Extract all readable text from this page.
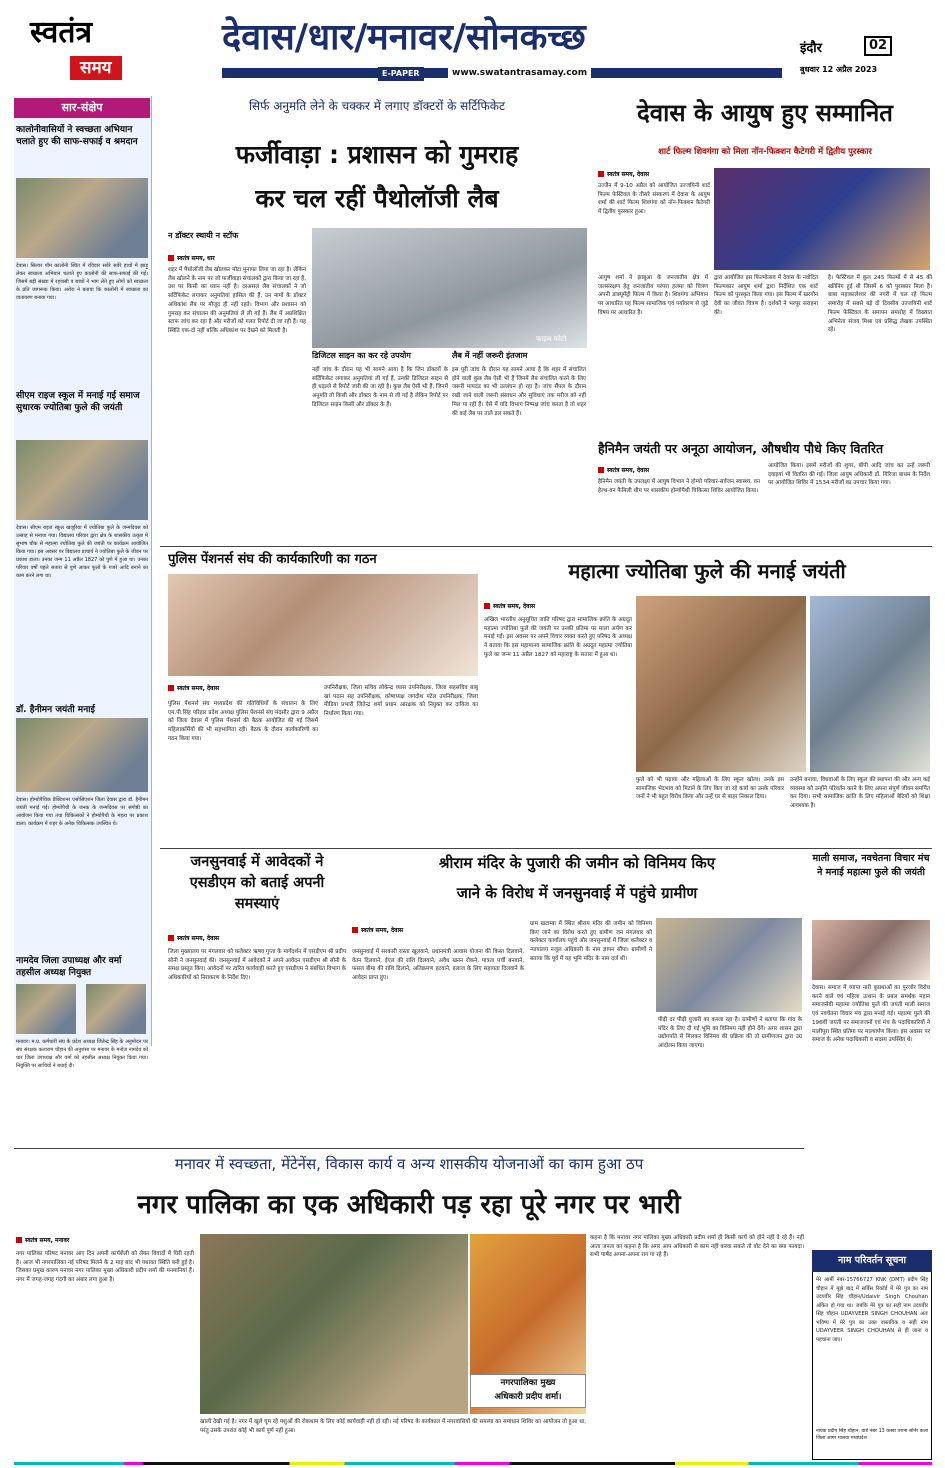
स्वतंत्र
समय
देवास/धार/मनावर/सोनकच्छ
E-PAPER	www.swatantrasamay.com
इंदौर	02
बुधवार 12 अप्रैल 2023
सार-संक्षेप
कालोनीवासियों ने स्वच्छता अभियान चलाते हुए की साफ-सफाई व श्रमदान
देवास। सिल्वर पॉम कालोनी स्थित में रविवार सवेरे सवेरे हाथों में झाड़ू लेकर स्वच्छता अभियान चलाते हुए कालोनी की साफ-सफाई की गई। जिसमें बड़ी संख्या में रहवासी व बच्चों ने भाग लेते हुए लोगों को स्वच्छता के प्रति जागरूक किया। अरोरा ने बताया कि कालोनी में स्वच्छता का वातावरण बनाया गया।
सीएम राइज स्कूल में मनाई गई समाज सुधारक ज्योतिबा फुले की जयंती
देवास। सीएम राइज स्कूल खजूरिया में ज्योतिबा फुले के जन्मदिवस को उत्साह से मनाया गया। विद्यालय परिवार द्वारा क्षेत्र के शासकीय उत्कृष्ट में सुभाष चौक से महात्मा ज्योतिबा फुले की जयंती पर कार्यक्रम आयोजित किया गया। इस अवसर पर विद्यालय प्राचार्य ने ज्योतिबा फुले के जीवन पर प्रकाश डाला। उनका जन्म 11 अप्रैल 1827 को पुणे में हुआ था। उनका परिवार वर्षों पहले सतारा से पुणे आकर फूलों के गजरे आदि बनाने का काम करने लगा था।
डॉ. हैनीमन जयंती मनाई
देवास। होम्योपैथिक प्रैक्टिशनर एसोसिएशन जिला देवास द्वारा डॉ. हैनीमन जयंती मनाई गई। होम्योपैथी के जनक के जन्मदिवस पर संगोष्ठी का आयोजन किया गया तथा चिकित्सकों ने होम्योपैथी के महत्व पर प्रकाश डाला। कार्यक्रम में शहर के अनेक चिकित्सक उपस्थित थे।
नामदेव जिला उपाध्यक्ष और वर्मा तहसील अध्यक्ष नियुक्त
मनावर। म.प्र. कर्मचारी संघ के प्रदेश अध्यक्ष जितेन्द्र सिंह के अनुमोदन पर संघ संरक्षक कलाराम चौहान की अनुशंसा पर मनावर के मनोज नामदेव को धार जिला उपाध्यक्ष और वर्मा को तहसील अध्यक्ष नियुक्त किया गया। नियुक्ति पर साथियों ने बधाई दी।
सिर्फ अनुमति लेने के चक्कर में लगाए डॉक्टरों के सर्टिफिकेट
फर्जीवाड़ा : प्रशासन को गुमराह
कर चल रहीं पैथोलॉजी लैब
न डॉक्टर स्थायी न स्टॉफ
स्वतंत्र समय, धार
फाइल फोटो
शहर में पैथोलॉजी लैब खोलकर मोटा मुनाफा लिया जा रहा है। लेकिन लैब खोलने के नाम पर जो फर्जीवाड़ा संचालकों द्वारा किया जा रहा है, उस पर किसी का ध्यान नहीं है। दरअसल लैब संचालकों ने जो सर्टिफिकेट लगाकर अनुमतियां हासिल की हैं, उन नामों के डॉक्टर अधिकांश लैब पर मौजूद ही नहीं रहते। विभाग और प्रशासन को गुमराह कर संचालन की अनुमतियां ले ली गई हैं। लैब में अप्रशिक्षित स्टाफ जांच कर रहा है और मरीजों को गलत रिपोर्ट दी जा रही हैं। यह स्थिति एक-दो नहीं बल्कि अधिकांश पर देखने को मिलती है।
डिजिटल साइन का कर रहे उपयोग
नहीं जांच के दौरान यह भी सामने आया है कि जिन डॉक्टरों के सर्टिफिकेट लगाकर अनुमतियां ली गई हैं, उनकी डिजिटल साइन से ही धड़ल्ले से रिपोर्ट जारी की जा रही है। कुछ लैब ऐसी भी हैं, जिनमें अनुमति तो किसी और डॉक्टर के नाम से ली गई है लेकिन रिपोर्ट पर डिजिटल साइन किसी और डॉक्टर के हैं।
लैब में नहीं जरूरी इंतजाम
इस पूरी जांच के दौरान यह सामने आया है कि शहर में संचालित होने वाली कुछ लैब ऐसी भी हैं जिनमें लैब संचालित करने के लिए जरूरी मापदंड का भी उल्लंघन हो रहा है। जांच सैंपल के दौरान रखी जाने वाली जरूरी संसाधन और सुविधाएं तक मरीज को नहीं मिल पा रही हैं। ऐसे में यदि विभाग निष्पक्ष जांच करता है तो शहर की कई लैब पर ताले डल सकते हैं।
देवास के आयुष हुए सम्मानित
शार्ट फिल्म शिवगंगा को मिला नॉन-फिक्शन कैटेगरी में द्वितीय पुरस्कार
स्वतंत्र समय, देवास
उज्जैन में 9-10 अप्रैल को आयोजित उज्जयिनी शार्ट फिल्म फेस्टिवल के तीसरे संस्करण में देवास के आयुष शर्मा की शार्ट फिल्म शिवगंगा को नॉन-फिक्शन कैटेगरी में द्वितीय पुरस्कार हुआ।
आयुष शर्मा ने झाबुआ के जनजातीय क्षेत्र में जलसंरक्षण हेतु जनजातीय परंपरा हलमा को चित्रण अपनी डाक्यूमेंट्री फिल्म में किया है। शिवगंगा अभियान पर आधारित यह फिल्म सामाजिक एवं पर्यावरण से जुड़े विषय पर आधारित है।
द्वारा आयोजित इस फिल्मोत्सव में देवास के नवोदित फिल्मकार आयुष शर्मा द्वारा निर्देशित एक शार्ट फिल्म को पुरस्कृत किया गया। इस फिल्म में खरगोन देवी का जीवंत चित्रण है। दर्शकों ने भरपूर सराहना की।
है। फेस्टिवल में कुल 245 फिल्मों में से 45 की स्क्रीनिंग हुई थी जिसमें 6 को पुरस्कार मिला है। बाबा महाकालेश्वर की नगरी में चल रहे फिल्म समारोह में सबसे बड़े दो दिवसीय उज्जयिनी शार्ट फिल्म फेस्टिवल के समापन समारोह में विख्यात अभिनेता संजय मिश्रा एवं प्रसिद्ध लेखक उपस्थित रहे।
हैनिमैन जयंती पर अनूठा आयोजन, औषधीय पौधे किए वितरित
स्वतंत्र समय, देवास
हैनिमैन जयंती के उपलक्ष्य में आयुष विभाग ने होम्यो परिवार-सर्वजन स्वास्थ्य, वन हेल्थ-वन फैमिली थीम पर शासकीय होम्योपैथी चिकित्सा शिविर आयोजित किया।
आयोजित किया। इसमें मरीजों की शुगर, बीपी आदि जांच कर उन्हें जरूरी दवाइयां भी वितरित की गईं। जिला आयुष अधिकारी डॉ. गिरिजा बाथम के निर्देश पर आयोजित शिविर में 1534 मरीजों का उपचार किया गया।
पुलिस पेंशनर्स संघ की कार्यकारिणी का गठन
स्वतंत्र समय, देवास
पुलिस पेंशनर्स संघ मध्यप्रदेश की गतिविधियों के संचालन के लिए एम.पी.सिंह परिहार प्रदेश अध्यक्ष पुलिस पेंशनर्स संघ मंदसौर द्वारा 9 अप्रैल को जिला देवास में पुलिस पेंशनर्स की बैठक आयोजित की गई जिसमें महिलाकर्मियों की भी सहभागिता रही। बैठक के दौरान कार्यकारिणी का गठन किया गया।
उपनिरीक्षक, जिला सचिव लोकेन्द्र व्यास उपनिरीक्षक, जिला सहसचिव बाबू खां पठान सह उपनिरीक्षक, कोषाध्यक्ष जगदीश पटेल उपनिरीक्षक, जिला मीडिया प्रभारी जितेन्द्र शर्मा प्रधान आरक्षक को नियुक्त कर दायित्व का निर्धारण किया गया।
महात्मा ज्योतिबा फुले की मनाई जयंती
स्वतंत्र समय, देवास
अखिल भारतीय अनुसूचित जाति परिषद द्वारा सामाजिक क्रांति के अग्रदूत महात्मा ज्योतिबा फुले की जयंती पर उनकी प्रतिमा पर माला अर्पण कर मनाई गई। इस अवसर पर अपने विचार व्यक्त करते हुए परिषद के अध्यक्ष ने बताया कि इस महामानव सामाजिक क्रांति के अग्रदूत महात्मा ज्योतिबा फुले का जन्म 11 अप्रैल 1827 को महाराष्ट्र के सतारा में हुआ था।
फुले को भी पढ़ाया और महिलाओं के लिए स्कूल खोला। उनके इस सामाजिक भेदभाव को मिटाने के लिए किए जा रहे कार्य का उनके परिवार जनों ने भी बहुत विरोध किया और उन्हें घर से बाहर निकाल दिया।
उन्होंने बनाया, विधवाओं के लिए स्कूल की स्थापना की और अन्य कई व्यवस्था को उन्होंने परिवर्तन करने के लिए अपना संपूर्ण जीवन समर्पित कर दिया। सभी सामाजिक क्रांति के लिए महिलाओं बेटियों को शिक्षा आवश्यक है।
जनसुनवाई में आवेदकों ने एसडीएम को बताई अपनी समस्याएं
स्वतंत्र समय, देवास
जिला मुख्यालय पर मंगलवार को कलेक्टर ऋषव गुप्ता के मार्गदर्शन में एसडीएम श्री प्रदीप सोनी ने जनसुनवाई की। जनसुनवाई में आवेदकों ने अपने आवेदन एसडीएम श्री सोनी के समक्ष प्रस्तुत किए। आवेदनों पर त्वरित कार्यवाही करते हुए एसडीएम ने संबंधित विभाग के अधिकारियों को निराकरण के निर्देश दिए।
जनसुनवाई में सरकारी रास्ता खुलवाने, प्रधानमंत्री आवास योजना की किस्त दिलवाने, वेतन दिलवाने, ईएल की राशि दिलवाने, अवैध खनन रोकने, पात्रता पर्ची बनवाने, फसल बीमा की राशि दिलाने, अतिक्रमण हटवाने, इलाज के लिए सहायता दिलवाने के आवेदन प्राप्त हुए।
श्रीराम मंदिर के पुजारी की जमीन को विनिमय किए
जाने के विरोध में जनसुनवाई में पहुंचे ग्रामीण
स्वतंत्र समय, देवास
ग्राम खटाम्बा में स्थित श्रीराम मंदिर की जमीन को विनिमय किए जाने का विरोध करते हुए ग्रामीण जन मंगलवार को कलेक्टर कार्यालय पहुंचे और जनसुनवाई में जिला कलेक्टर व न्यायालय नजूल अधिकारी के नाम ज्ञापन सौंपा। ग्रामीणों ने बताया कि पूर्व में यह भूमि मंदिर के नाम दर्ज थी।
पीढ़ी दर पीढ़ी पुजारी का कब्जा रहा है। ग्रामीणों ने बताया कि गांव के मंदिर के लिए दी गई भूमि का विनिमय नहीं होने देंगे। अगर शासन द्वारा उद्योगपति से मिलकर विनिमय की प्रक्रिया की तो ग्रामीणजन द्वारा उग्र आंदोलन किया जाएगा।
माली समाज, नवचेतना विचार मंच ने मनाई महात्मा फुले की जयंती
देवास। समाज में व्याप्त नारी कुप्रथाओं का पुरजोर विरोध करने वाले एवं महिला उत्थान के प्रबल समर्थक महान समाजसेवी महात्मा ज्योतिबा फुले की जयंती माली समाज एवं नवचेतना विचार मंच द्वारा मनाई गई। महात्मा फुले की 196वीं जयंती पर समाजजनों एवं मंच के पदाधिकारियों ने मालीपुरा स्थित प्रतिमा पर माल्यार्पण किया। इस अवसर पर समाज के अनेक पदाधिकारी व सदस्य उपस्थित थे।
मनावर में स्वच्छता, मेंटेनेंस, विकास कार्य व अन्य शासकीय योजनाओं का काम हुआ ठप
नगर पालिका का एक अधिकारी पड़ रहा पूरे नगर पर भारी
स्वतंत्र समय, मनावर
नगर पालिका परिषद मनावर आए दिन अपनी कार्यशैली को लेकर विवादों में घिरी रहती है। आज भी नगरपालिका नई परिषद मिलने के 2 माह बाद भी यथावत स्थिति बनी हुई है। जिसका प्रमुख कारण मनावर नगर पालिका मुख्य अधिकारी प्रदीप शर्मा की मनमानियां हैं। नगर में जगह-जगह गंदगी का अंबार लगा हुआ है।
नगरपालिका मुख्य
अधिकारी प्रदीप शर्मा।
खाली देखी गई है। नगर में खुले घूम रहे पशुओं की रोकथाम के लिए कोई कार्यवाही नहीं हो रही। नई परिषद के कार्यकाल में नगरवासियों की समस्या का समाधान शिविर का आयोजन तो हुआ था, परंतु उसके उपरांत कोई भी कार्य पूर्ण नहीं हुआ।
कहना है कि मनावर नगर पालिका मुख्य अधिकारी प्रदीप शर्मा ही किसी कार्य को होने नहीं दे रहे हैं। नहीं आता जनता का कहना है कि अगर आप अधिकारी से काम नहीं करवा सकते तो वोट देने का क्या फायदा। सभी पार्षद अपना-अपना राग गा रहे हैं।	नाम परिवर्तन सूचना
मेरे आर्मी नंबर-15766727 KNK (DMT) प्रदीप सिंह चौहान में मुझे बाद में सर्विस रिकॉर्ड में मेरे पुत्र का नाम उदयवीर सिंह चौहान/Udaivir Singh Chouhan अंकित हो गया था। जबकि मेरे पुत्र का सही नाम उदयवीर सिंह चौहान UDAYVEER SINGH CHOUHAN अतः भविष्य में मेरे पुत्र का उक्त वास्तविक व सही नाम UDAYVEER SINGH CHOUHAN से ही जाना व पहचाना जाए।
नायक प्रदीप सिंह चौहान, वार्ड नंबर 13 कस्बा तराना सोनेर कला जिला आगर मालवा मध्यप्रदेश
